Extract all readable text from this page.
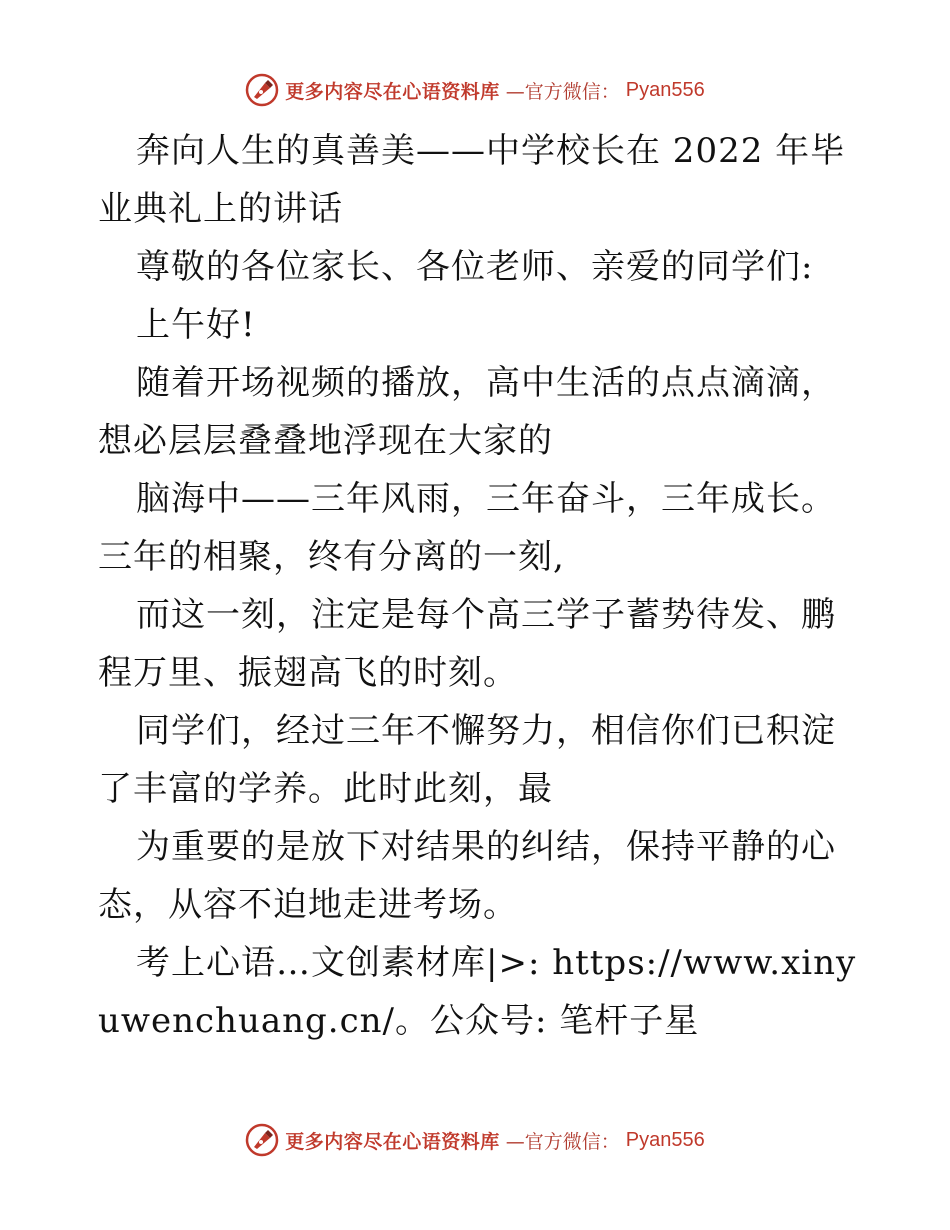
更多内容尽在心语资料库 —官方微信： Pyan556

奔向人生的真善美——中学校长在 2022 年毕业典礼上的讲话

尊敬的各位家长、各位老师、亲爱的同学们:

上午好!

随着开场视频的播放，高中生活的点点滴滴，想必层层叠叠地浮现在大家的

脑海中——三年风雨，三年奋斗，三年成长。三年的相聚，终有分离的一刻,

而这一刻，注定是每个高三学子蓄势待发、鹏程万里、振翅高飞的时刻。

同学们，经过三年不懈努力，相信你们已积淀了丰富的学养。此时此刻，最

为重要的是放下对结果的纠结，保持平静的心态，从容不迫地走进考场。

考上心语…文创素材库|>: https://www.xinyuwenchuang.cn/。公众号: 笔杆子星

更多内容尽在心语资料库 —官方微信： Pyan556
